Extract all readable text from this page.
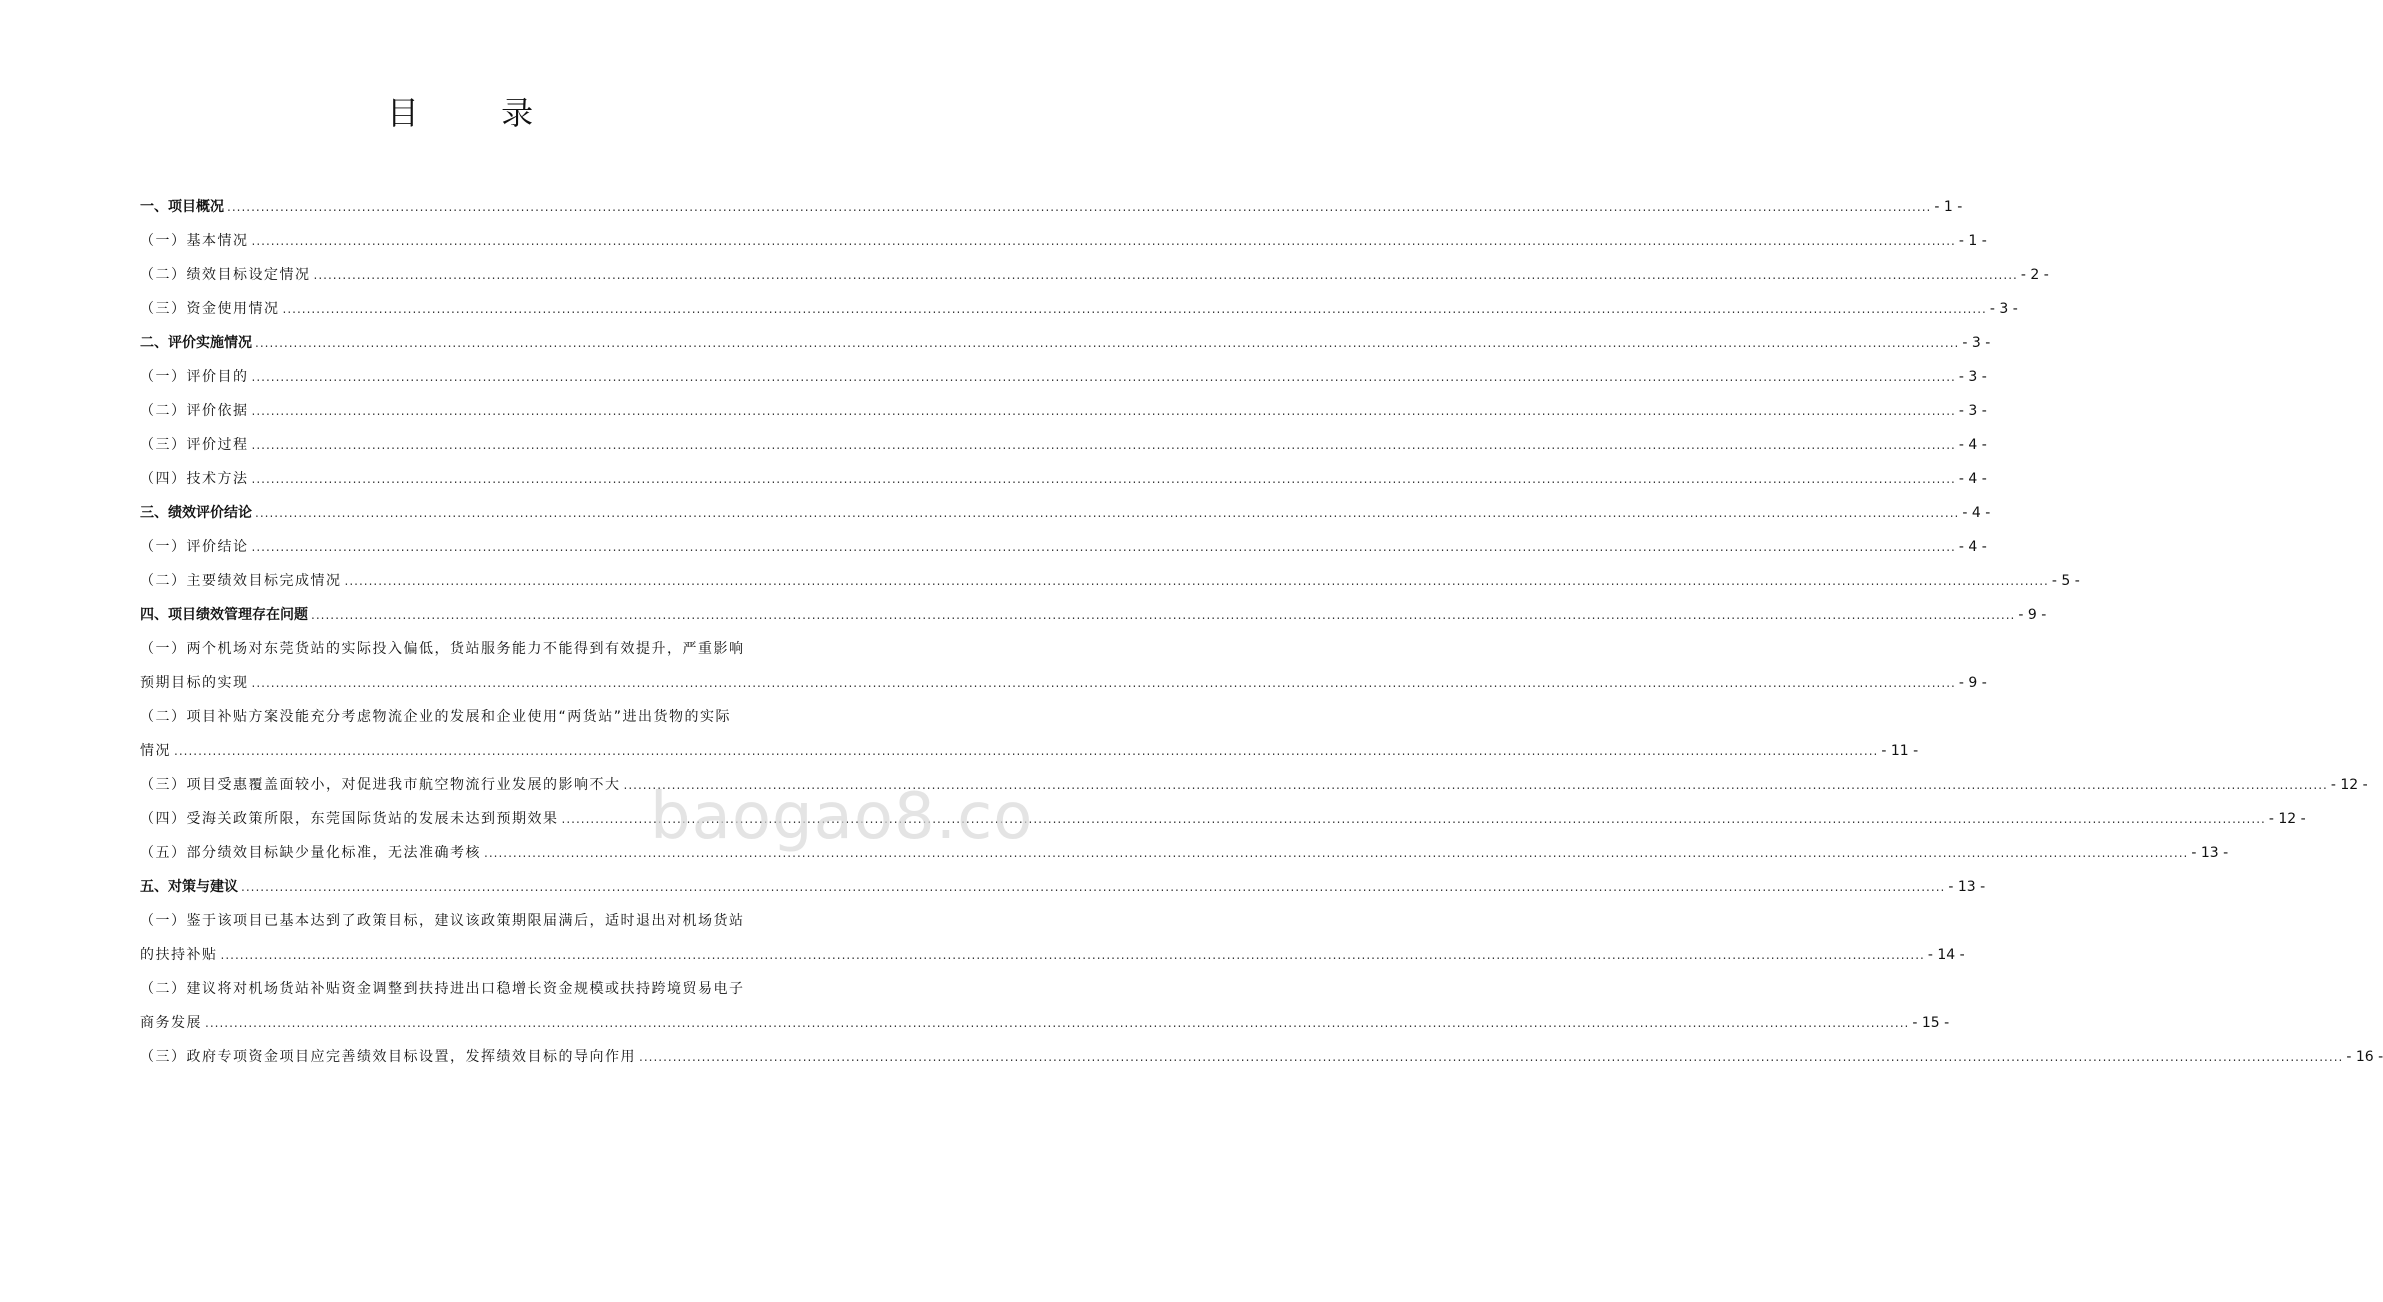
目 录
一、项目概况 .....	- 1 -
（一）基本情况 .....	- 1 -
（二）绩效目标设定情况 .....	- 2 -
（三）资金使用情况 .....	- 3 -
二、评价实施情况 .....	- 3 -
（一）评价目的 .....	- 3 -
（二）评价依据 .....	- 3 -
（三）评价过程 .....	- 4 -
（四）技术方法 .....	- 4 -
三、绩效评价结论 .....	- 4 -
（一）评价结论 .....	- 4 -
（二）主要绩效目标完成情况 .....	- 5 -
四、项目绩效管理存在问题 .....	- 9 -
（一）两个机场对东莞货站的实际投入偏低，货站服务能力不能得到有效提升，严重影响
预期目标的实现 .....	- 9 -
（二）项目补贴方案没能充分考虑物流企业的发展和企业使用“两货站”进出货物的实际
情况 .....	- 11 -
（三）项目受惠覆盖面较小，对促进我市航空物流行业发展的影响不大 .....	- 12 -
（四）受海关政策所限，东莞国际货站的发展未达到预期效果 .....	- 12 -
（五）部分绩效目标缺少量化标准，无法准确考核 .....	- 13 -
五、对策与建议 .....	- 13 -
（一）鉴于该项目已基本达到了政策目标，建议该政策期限届满后，适时退出对机场货站
的扶持补贴 .....	- 14 -
（二）建议将对机场货站补贴资金调整到扶持进出口稳增长资金规模或扶持跨境贸易电子
商务发展 .....	- 15 -
（三）政府专项资金项目应完善绩效目标设置，发挥绩效目标的导向作用 .....	- 16 -
baogao8.co
